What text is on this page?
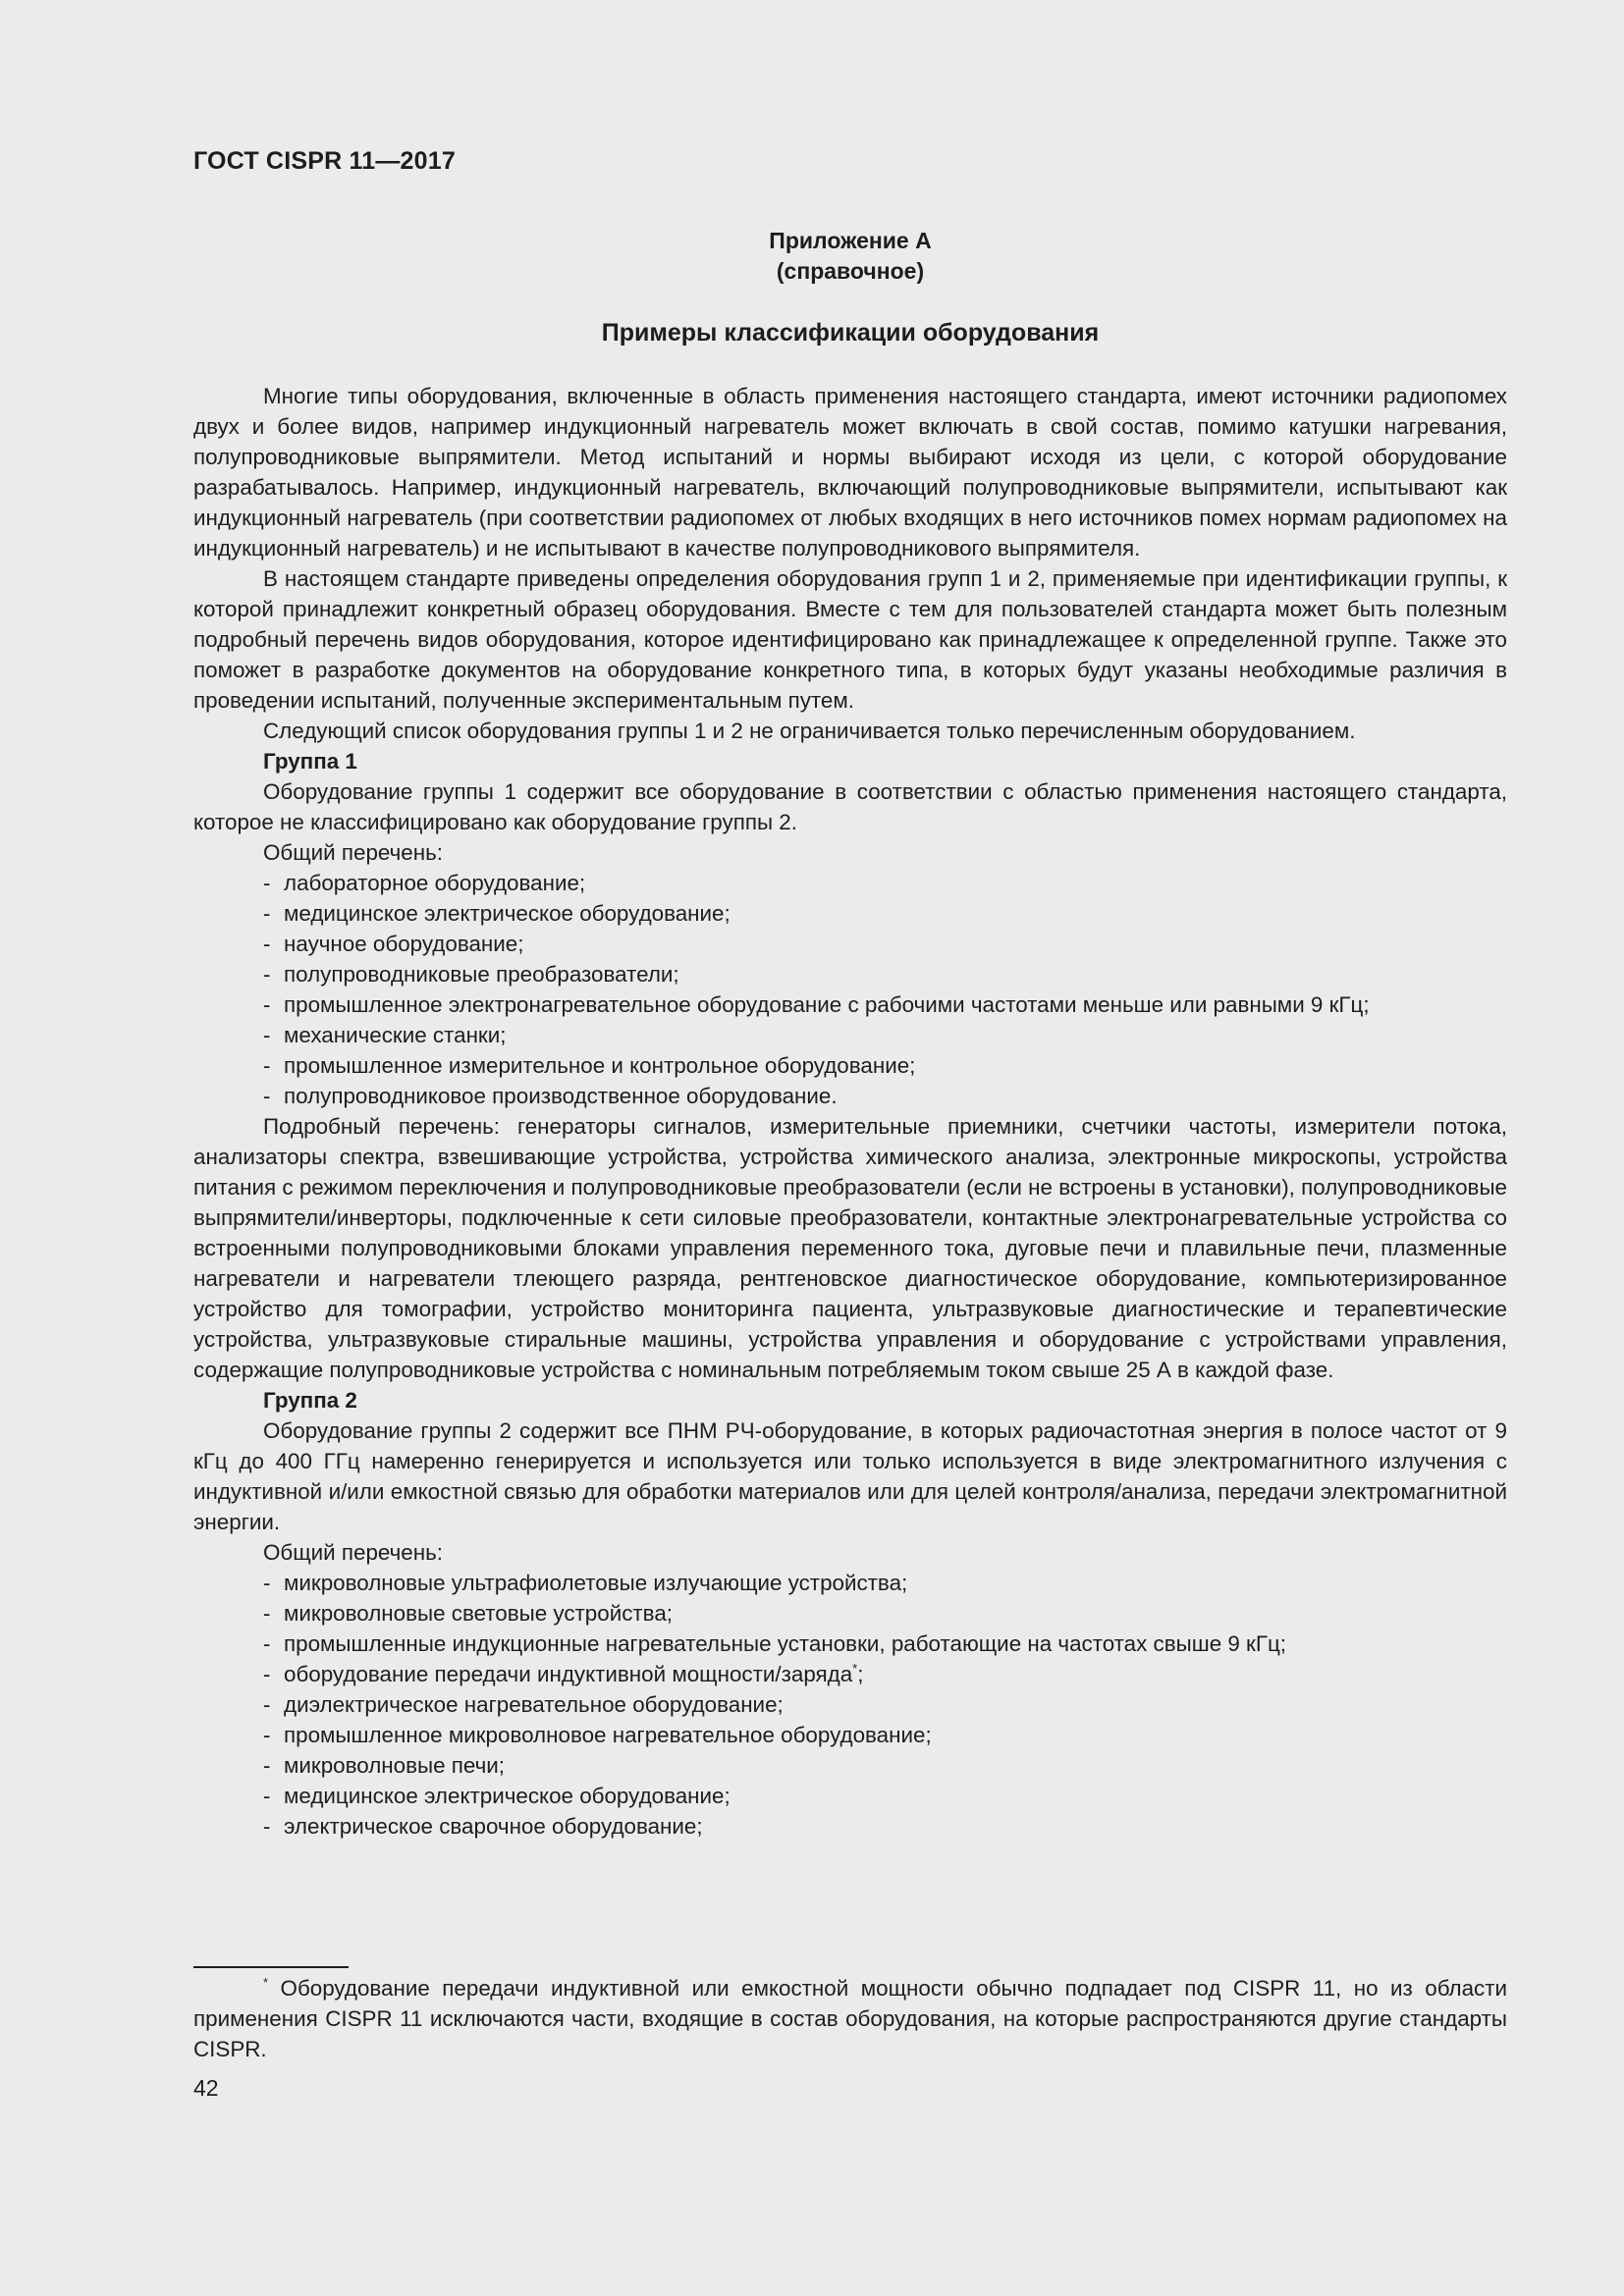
ГОСТ CISPR 11—2017
Приложение А
(справочное)
Примеры классификации оборудования

Многие типы оборудования, включенные в область применения настоящего стандарта, имеют источники радиопомех двух и более видов, например индукционный нагреватель может включать в свой состав, помимо катушки нагревания, полупроводниковые выпрямители. Метод испытаний и нормы выбирают исходя из цели, с которой оборудование разрабатывалось. Например, индукционный нагреватель, включающий полупроводниковые выпрямители, испытывают как индукционный нагреватель (при соответствии радиопомех от любых входящих в него источников помех нормам радиопомех на индукционный нагреватель) и не испытывают в качестве полупроводникового выпрямителя.

В настоящем стандарте приведены определения оборудования групп 1 и 2, применяемые при идентификации группы, к которой принадлежит конкретный образец оборудования. Вместе с тем для пользователей стандарта может быть полезным подробный перечень видов оборудования, которое идентифицировано как принадлежащее к определенной группе. Также это поможет в разработке документов на оборудование конкретного типа, в которых будут указаны необходимые различия в проведении испытаний, полученные экспериментальным путем.

Следующий список оборудования группы 1 и 2 не ограничивается только перечисленным оборудованием.

Группа 1

Оборудование группы 1 содержит все оборудование в соответствии с областью применения настоящего стандарта, которое не классифицировано как оборудование группы 2.

Общий перечень:

- лабораторное оборудование;
- медицинское электрическое оборудование;
- научное оборудование;
- полупроводниковые преобразователи;
- промышленное электронагревательное оборудование с рабочими частотами меньше или равными 9 кГц;
- механические станки;
- промышленное измерительное и контрольное оборудование;
- полупроводниковое производственное оборудование.

Подробный перечень: генераторы сигналов, измерительные приемники, счетчики частоты, измерители потока, анализаторы спектра, взвешивающие устройства, устройства химического анализа, электронные микроскопы, устройства питания с режимом переключения и полупроводниковые преобразователи (если не встроены в установки), полупроводниковые выпрямители/инверторы, подключенные к сети силовые преобразователи, контактные электронагревательные устройства со встроенными полупроводниковыми блоками управления переменного тока, дуговые печи и плавильные печи, плазменные нагреватели и нагреватели тлеющего разряда, рентгеновское диагностическое оборудование, компьютеризированное устройство для томографии, устройство мониторинга пациента, ультразвуковые диагностические и терапевтические устройства, ультразвуковые стиральные машины, устройства управления и оборудование с устройствами управления, содержащие полупроводниковые устройства с номинальным потребляемым током свыше 25 А в каждой фазе.

Группа 2

Оборудование группы 2 содержит все ПНМ РЧ-оборудование, в которых радиочастотная энергия в полосе частот от 9 кГц до 400 ГГц намеренно генерируется и используется или только используется в виде электромагнитного излучения с индуктивной и/или емкостной связью для обработки материалов или для целей контроля/анализа, передачи электромагнитной энергии.

Общий перечень:

- микроволновые ультрафиолетовые излучающие устройства;
- микроволновые световые устройства;
- промышленные индукционные нагревательные установки, работающие на частотах свыше 9 кГц;
- оборудование передачи индуктивной мощности/заряда*;
- диэлектрическое нагревательное оборудование;
- промышленное микроволновое нагревательное оборудование;
- микроволновые печи;
- медицинское электрическое оборудование;
- электрическое сварочное оборудование;

* Оборудование передачи индуктивной или емкостной мощности обычно подпадает под CISPR 11, но из области применения CISPR 11 исключаются части, входящие в состав оборудования, на которые распространяются другие стандарты CISPR.

42
